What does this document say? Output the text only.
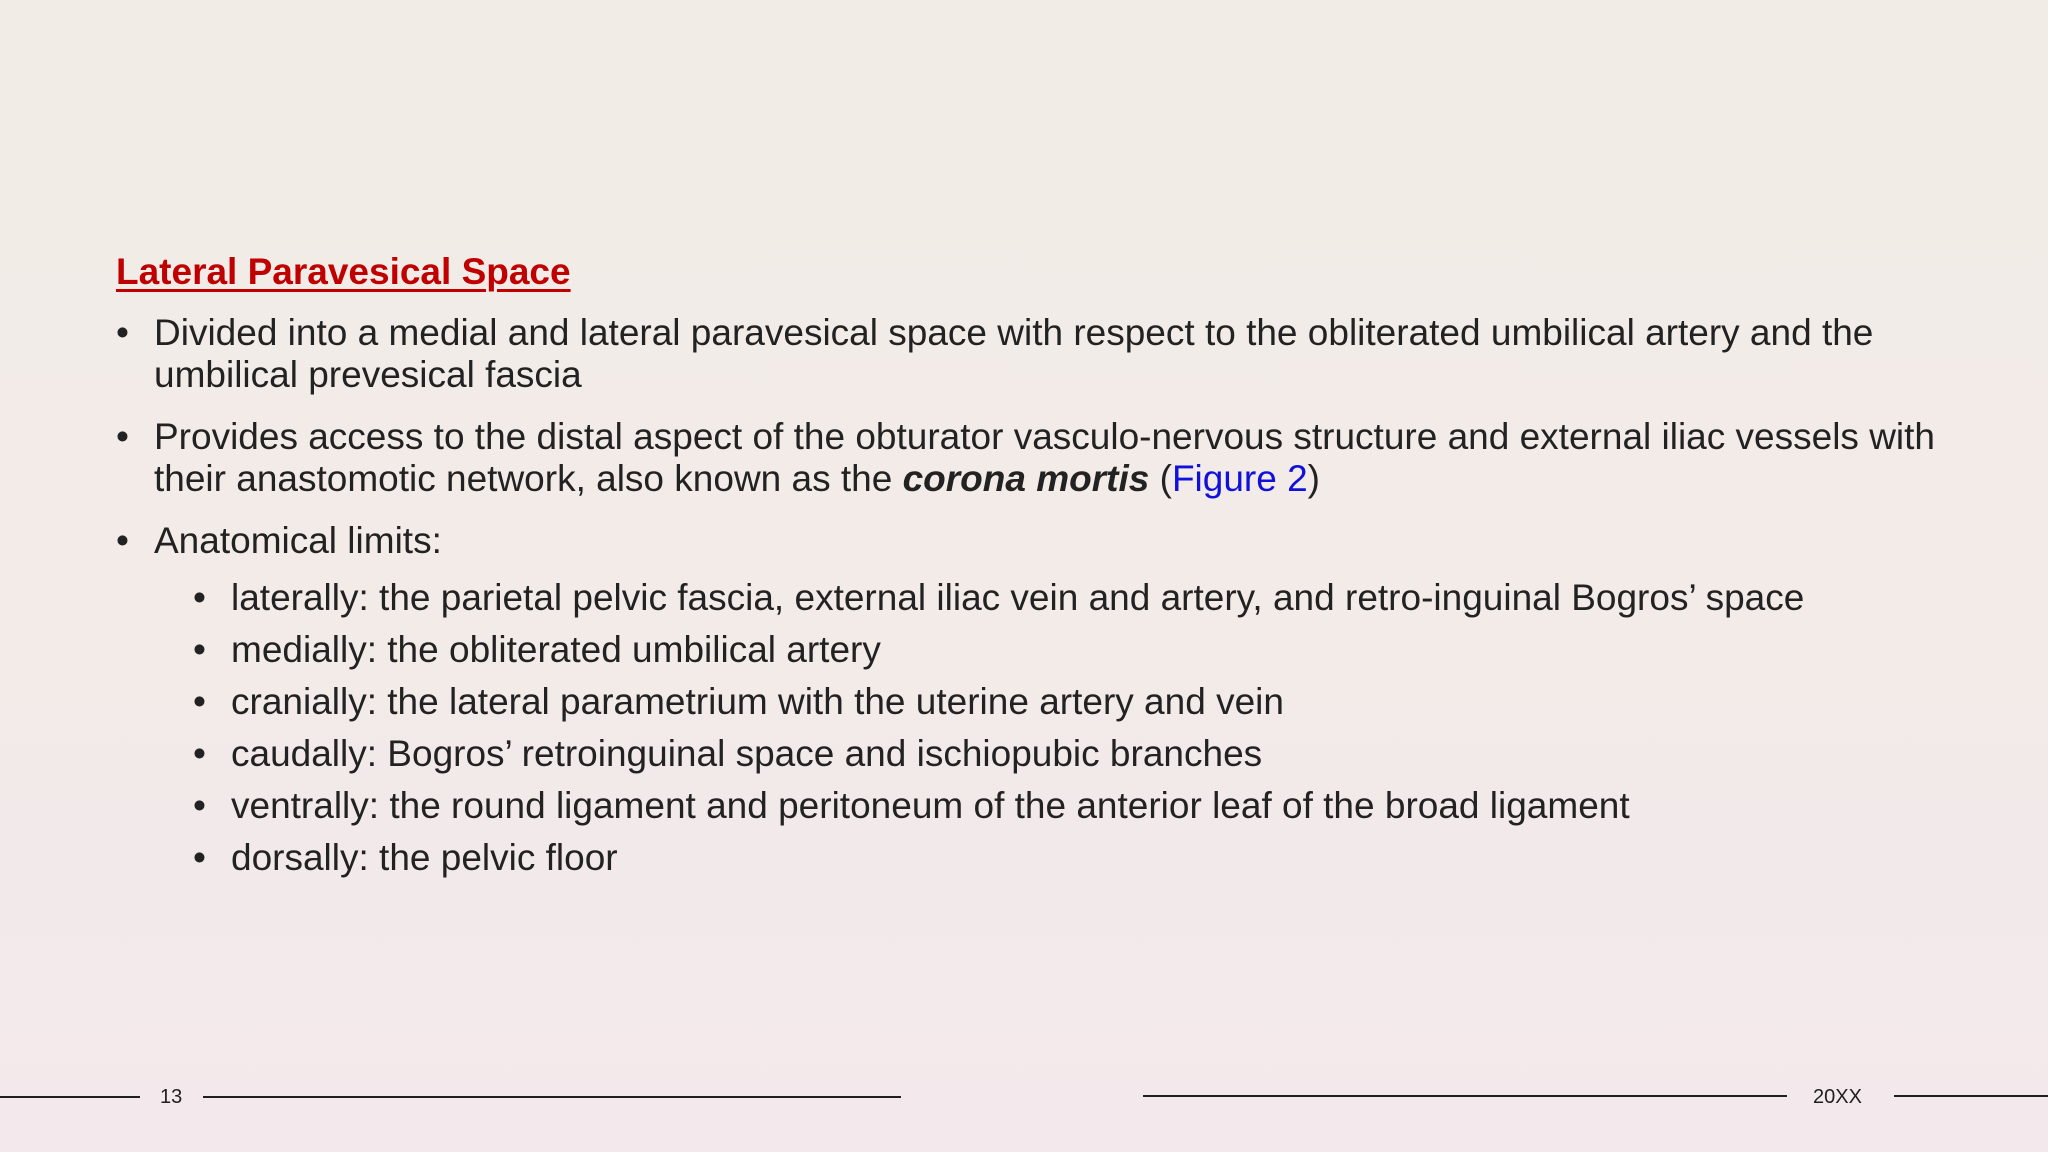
Lateral Paravesical Space
• Divided into a medial and lateral paravesical space with respect to the obliterated umbilical artery and the umbilical prevesical fascia
• Provides access to the distal aspect of the obturator vasculo-nervous structure and external iliac vessels with their anastomotic network, also known as the corona mortis (Figure 2)
• Anatomical limits:
• laterally: the parietal pelvic fascia, external iliac vein and artery, and retro-inguinal Bogros’ space
• medially: the obliterated umbilical artery
• cranially: the lateral parametrium with the uterine artery and vein
• caudally: Bogros’ retroinguinal space and ischiopubic branches
• ventrally: the round ligament and peritoneum of the anterior leaf of the broad ligament
• dorsally: the pelvic floor
13	20XX
